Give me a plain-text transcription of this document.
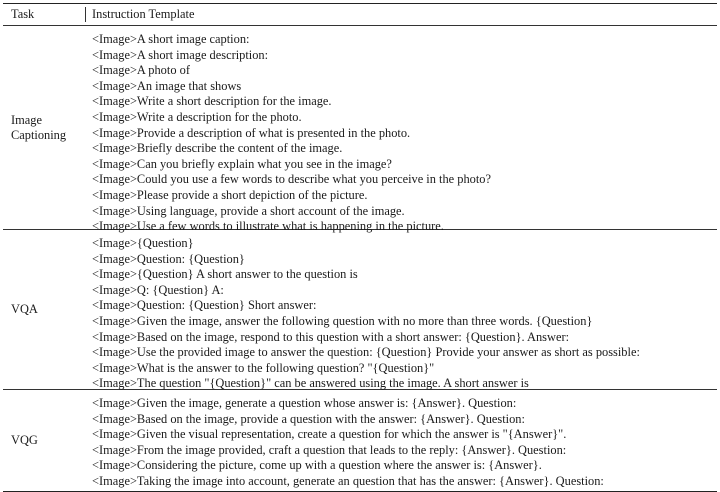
Task	Instruction Template
Image
Captioning
<Image>A short image caption:
<Image>A short image description:
<Image>A photo of
<Image>An image that shows
<Image>Write a short description for the image.
<Image>Write a description for the photo.
<Image>Provide a description of what is presented in the photo.
<Image>Briefly describe the content of the image.
<Image>Can you briefly explain what you see in the image?
<Image>Could you use a few words to describe what you perceive in the photo?
<Image>Please provide a short depiction of the picture.
<Image>Using language, provide a short account of the image.
<Image>Use a few words to illustrate what is happening in the picture.
VQA
<Image>{Question}
<Image>Question: {Question}
<Image>{Question} A short answer to the question is
<Image>Q: {Question} A:
<Image>Question: {Question} Short answer:
<Image>Given the image, answer the following question with no more than three words. {Question}
<Image>Based on the image, respond to this question with a short answer: {Question}. Answer:
<Image>Use the provided image to answer the question: {Question} Provide your answer as short as possible:
<Image>What is the answer to the following question? "{Question}"
<Image>The question "{Question}" can be answered using the image. A short answer is
VQG
<Image>Given the image, generate a question whose answer is: {Answer}. Question:
<Image>Based on the image, provide a question with the answer: {Answer}. Question:
<Image>Given the visual representation, create a question for which the answer is "{Answer}".
<Image>From the image provided, craft a question that leads to the reply: {Answer}. Question:
<Image>Considering the picture, come up with a question where the answer is: {Answer}.
<Image>Taking the image into account, generate an question that has the answer: {Answer}. Question:
